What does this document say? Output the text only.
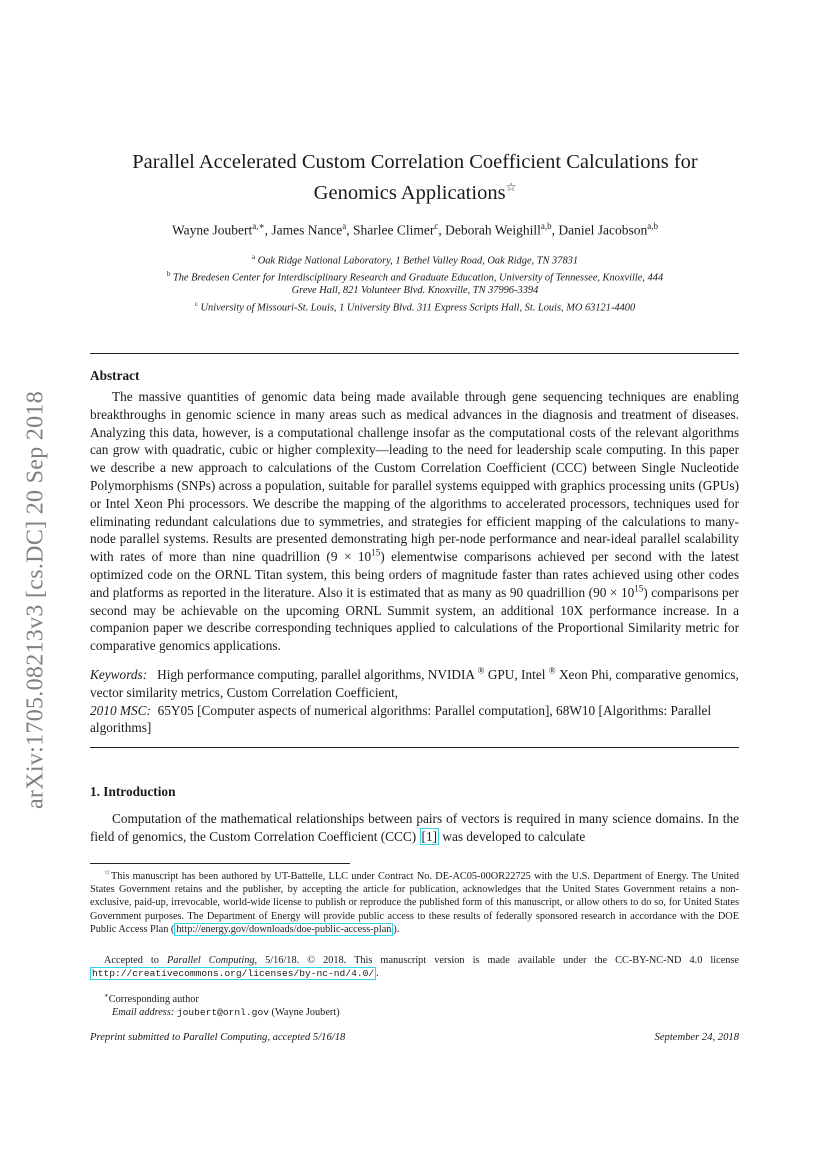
arXiv:1705.08213v3 [cs.DC] 20 Sep 2018
Parallel Accelerated Custom Correlation Coefficient Calculations for
Genomics Applications☆
Wayne Joubert$^{a,∗}$, James Nance$^a$, Sharlee Climer$^c$, Deborah Weighill$^{a,b}$, Daniel Jacobson$^{a,b}$
$^a$ Oak Ridge National Laboratory, 1 Bethel Valley Road, Oak Ridge, TN 37831
$^b$ The Bredesen Center for Interdisciplinary Research and Graduate Education, University of Tennessee, Knoxville, 444
Greve Hall, 821 Volunteer Blvd. Knoxville, TN 37996-3394
$^c$ University of Missouri-St. Louis, 1 University Blvd. 311 Express Scripts Hall, St. Louis, MO 63121-4400
Abstract
The massive quantities of genomic data being made available through gene sequencing techniques are enabling breakthroughs in genomic science in many areas such as medical advances in the diagnosis and treatment of diseases. Analyzing this data, however, is a computational challenge insofar as the computational costs of the relevant algorithms can grow with quadratic, cubic or higher complexity—leading to the need for leadership scale computing. In this paper we describe a new approach to calculations of the Custom Correlation Coefficient (CCC) between Single Nucleotide Polymorphisms (SNPs) across a population, suitable for parallel systems equipped with graphics processing units (GPUs) or Intel Xeon Phi processors. We describe the mapping of the algorithms to accelerated processors, techniques used for eliminating redundant calculations due to symmetries, and strategies for efficient mapping of the calculations to many-node parallel systems. Results are presented demonstrating high per-node performance and near-ideal parallel scalability with rates of more than nine quadrillion $(9 \times 10^{15})$ elementwise comparisons achieved per second with the latest optimized code on the ORNL Titan system, this being orders of magnitude faster than rates achieved using other codes and platforms as reported in the literature. Also it is estimated that as many as 90 quadrillion $(90 \times 10^{15})$ comparisons per second may be achievable on the upcoming ORNL Summit system, an additional 10X performance increase. In a companion paper we describe corresponding techniques applied to calculations of the Proportional Similarity metric for comparative genomics applications.
Keywords: High performance computing, parallel algorithms, NVIDIA ® GPU, Intel ® Xeon Phi, comparative genomics, vector similarity metrics, Custom Correlation Coefficient,
2010 MSC: 65Y05 [Computer aspects of numerical algorithms: Parallel computation], 68W10 [Algorithms: Parallel algorithms]
1. Introduction
Computation of the mathematical relationships between pairs of vectors is required in many science domains. In the field of genomics, the Custom Correlation Coefficient (CCC) [1] was developed to calculate
☆This manuscript has been authored by UT-Battelle, LLC under Contract No. DE-AC05-00OR22725 with the U.S. Department of Energy. The United States Government retains and the publisher, by accepting the article for publication, acknowledges that the United States Government retains a non-exclusive, paid-up, irrevocable, world-wide license to publish or reproduce the published form of this manuscript, or allow others to do so, for United States Government purposes. The Department of Energy will provide public access to these results of federally sponsored research in accordance with the DOE Public Access Plan ( http://energy.gov/downloads/doe-public-access-plan ).
Accepted to Parallel Computing, 5/16/18. © 2018. This manuscript version is made available under the CC-BY-NC-ND 4.0 license http://creativecommons.org/licenses/by-nc-nd/4.0/ .
∗Corresponding author
Email address: joubert@ornl.gov (Wayne Joubert)
Preprint submitted to Parallel Computing, accepted 5/16/18	September 24, 2018
